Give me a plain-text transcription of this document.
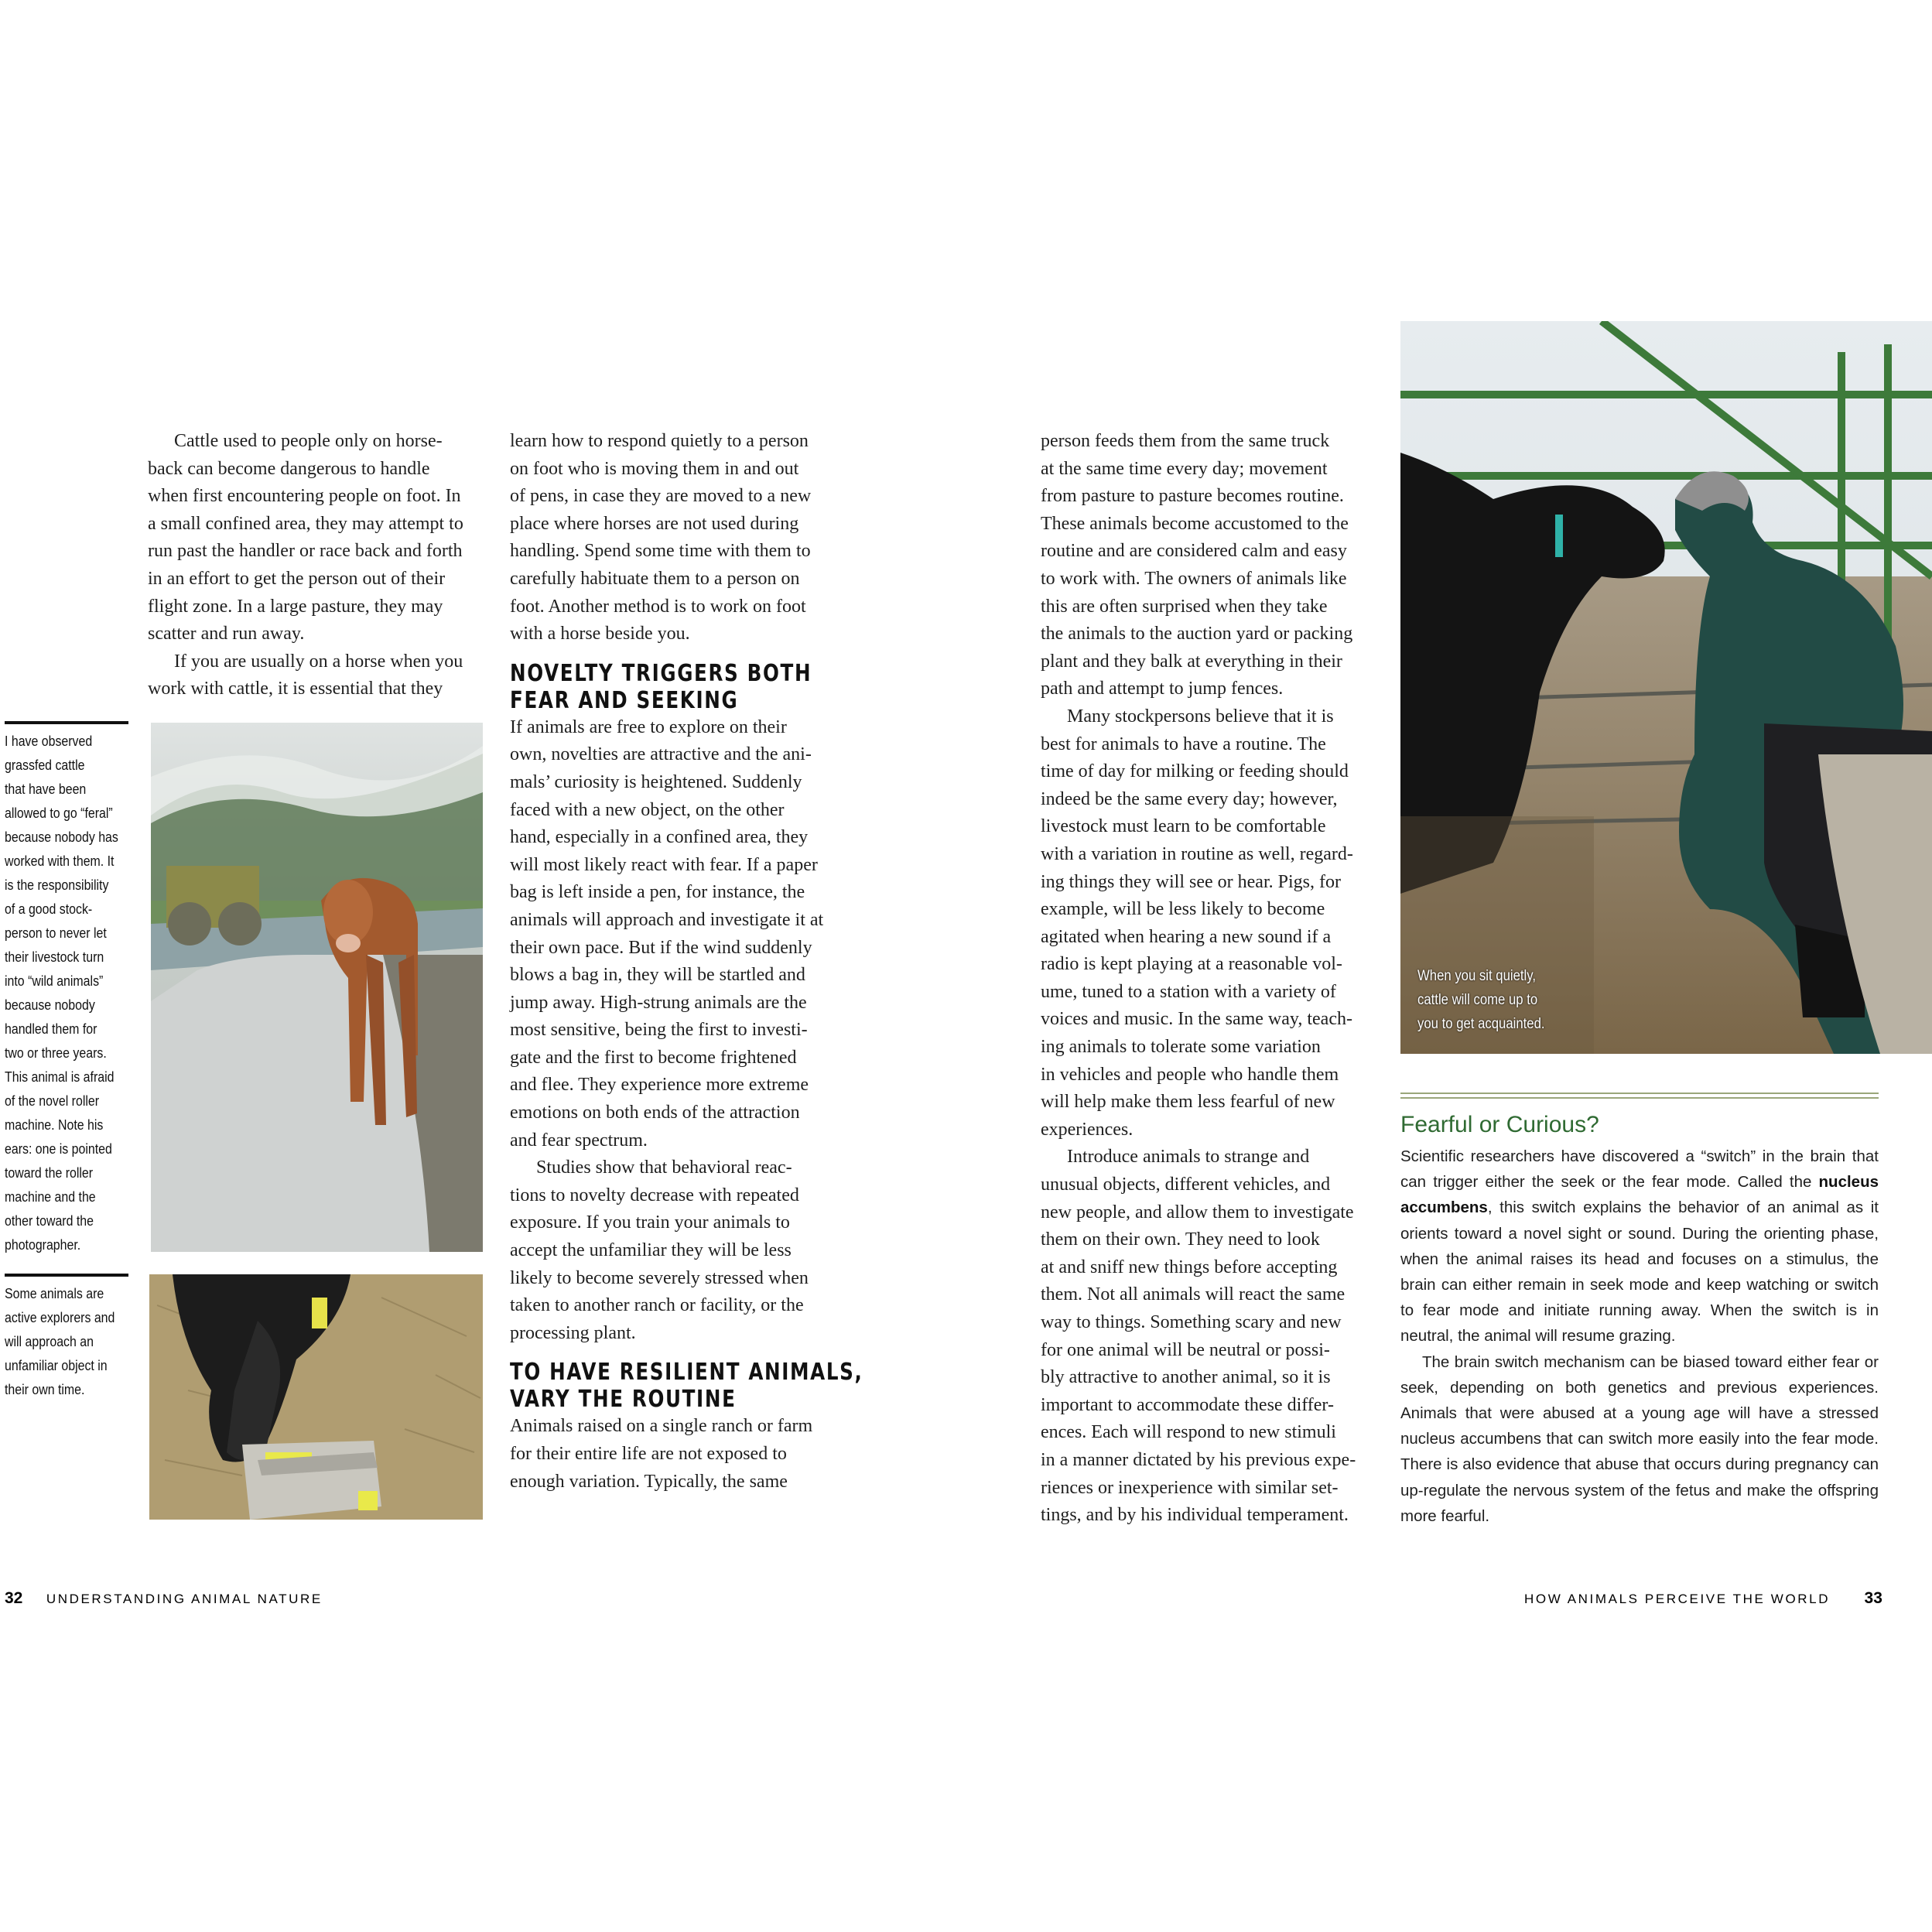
Cattle used to people only on horse-
back can become dangerous to handle
when first encountering people on foot. In
a small confined area, they may attempt to
run past the handler or race back and forth
in an effort to get the person out of their
flight zone. In a large pasture, they may
scatter and run away.
If you are usually on a horse when you
work with cattle, it is essential that they
I have observed
grassfed cattle
that have been
allowed to go “feral”
because nobody has
worked with them. It
is the responsibility
of a good stock-
person to never let
their livestock turn
into “wild animals”
because nobody
handled them for
two or three years.
This animal is afraid
of the novel roller
machine. Note his
ears: one is pointed
toward the roller
machine and the
other toward the
photographer.
Some animals are
active explorers and
will approach an
unfamiliar object in
their own time.
learn how to respond quietly to a person
on foot who is moving them in and out
of pens, in case they are moved to a new
place where horses are not used during
handling. Spend some time with them to
carefully habituate them to a person on
foot. Another method is to work on foot
with a horse beside you.
NOVELTY TRIGGERS BOTH
FEAR AND SEEKING
If animals are free to explore on their
own, novelties are attractive and the ani-
mals’ curiosity is heightened. Suddenly
faced with a new object, on the other
hand, especially in a confined area, they
will most likely react with fear. If a paper
bag is left inside a pen, for instance, the
animals will approach and investigate it at
their own pace. But if the wind suddenly
blows a bag in, they will be startled and
jump away. High-strung animals are the
most sensitive, being the first to investi-
gate and the first to become frightened
and flee. They experience more extreme
emotions on both ends of the attraction
and fear spectrum.
Studies show that behavioral reac-
tions to novelty decrease with repeated
exposure. If you train your animals to
accept the unfamiliar they will be less
likely to become severely stressed when
taken to another ranch or facility, or the
processing plant.
TO HAVE RESILIENT ANIMALS,
VARY THE ROUTINE
Animals raised on a single ranch or farm
for their entire life are not exposed to
enough variation. Typically, the same
person feeds them from the same truck
at the same time every day; movement
from pasture to pasture becomes routine.
These animals become accustomed to the
routine and are considered calm and easy
to work with. The owners of animals like
this are often surprised when they take
the animals to the auction yard or packing
plant and they balk at everything in their
path and attempt to jump fences.
Many stockpersons believe that it is
best for animals to have a routine. The
time of day for milking or feeding should
indeed be the same every day; however,
livestock must learn to be comfortable
with a variation in routine as well, regard-
ing things they will see or hear. Pigs, for
example, will be less likely to become
agitated when hearing a new sound if a
radio is kept playing at a reasonable vol-
ume, tuned to a station with a variety of
voices and music. In the same way, teach-
ing animals to tolerate some variation
in vehicles and people who handle them
will help make them less fearful of new
experiences.
Introduce animals to strange and
unusual objects, different vehicles, and
new people, and allow them to investigate
them on their own. They need to look
at and sniff new things before accepting
them. Not all animals will react the same
way to things. Something scary and new
for one animal will be neutral or possi-
bly attractive to another animal, so it is
important to accommodate these differ-
ences. Each will respond to new stimuli
in a manner dictated by his previous expe-
riences or inexperience with similar set-
tings, and by his individual temperament.
When you sit quietly,
cattle will come up to
you to get acquainted.
Fearful or Curious?

Scientific researchers have discovered a “switch” in the brain that can trigger either the seek or the fear mode. Called the nucleus accumbens, this switch explains the behavior of an animal as it orients toward a novel sight or sound. During the orienting phase, when the animal raises its head and focuses on a stimulus, the brain can either remain in seek mode and keep watching or switch to fear mode and initiate running away. When the switch is in neutral, the animal will resume grazing.

The brain switch mechanism can be biased toward either fear or seek, depending on both genetics and previous experiences. Animals that were abused at a young age will have a stressed nucleus accumbens that can switch more easily into the fear mode. There is also evidence that abuse that occurs during pregnancy can up-regulate the nervous system of the fetus and make the offspring more fearful.

32 UNDERSTANDING ANIMAL NATURE	HOW ANIMALS PERCEIVE THE WORLD 33
